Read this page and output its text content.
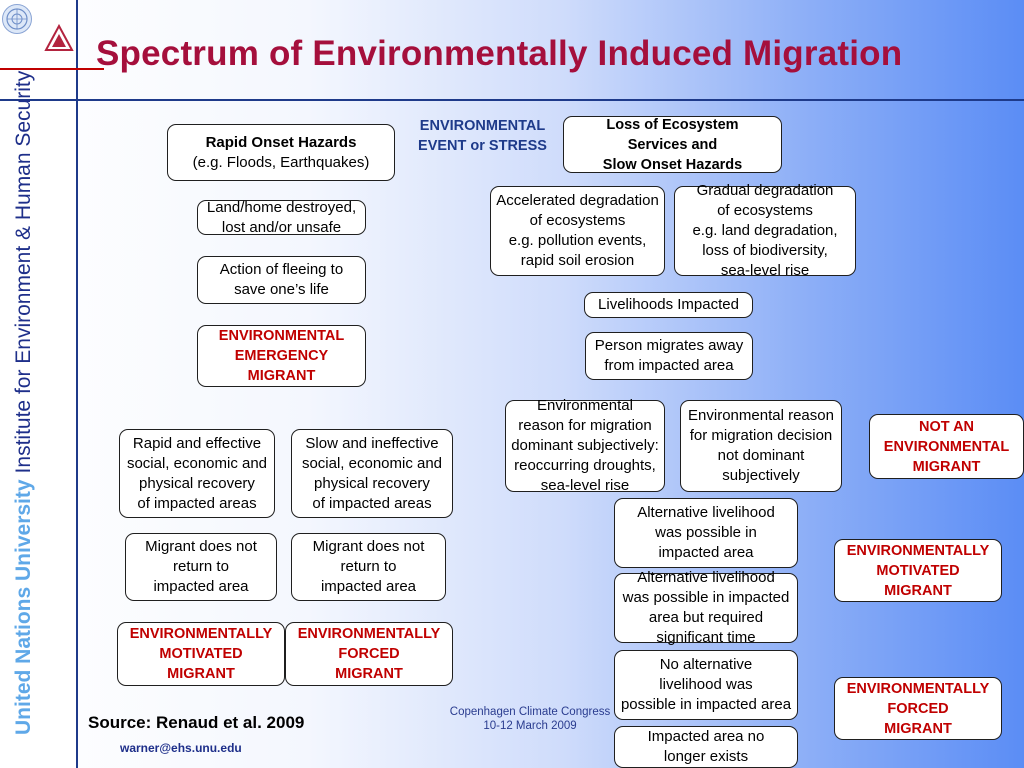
Spectrum of Environmentally Induced Migration
United Nations UniversityInstitute for Environment & Human Security	ENVIRONMENTAL
EVENT or STRESS
Rapid Onset Hazards
(e.g. Floods, Earthquakes)
Land/home destroyed,
lost and/or unsafe
Action of fleeing to
save one’s life
ENVIRONMENTAL
EMERGENCY
MIGRANT
Rapid and effective
social, economic and
physical recovery
of impacted areas
Slow and ineffective
social, economic and
physical recovery
of impacted areas
Migrant does not
return to
impacted area
Migrant does not
return to
impacted area
ENVIRONMENTALLY
MOTIVATED
MIGRANT
ENVIRONMENTALLY
FORCED
MIGRANT
Loss of Ecosystem
Services and
Slow Onset Hazards
Accelerated degradation
of ecosystems
e.g. pollution events,
rapid soil erosion
Gradual degradation
of ecosystems
e.g. land degradation,
loss of biodiversity,
sea-level rise
Livelihoods Impacted
Person migrates away
from impacted area
Environmental
reason for migration
dominant subjectively:
reoccurring droughts,
sea-level rise
Environmental reason
for migration decision
not dominant
subjectively
NOT AN
ENVIRONMENTAL
MIGRANT
Alternative livelihood
was possible in
impacted area
Alternative livelihood
was possible in impacted
area but required
significant time
No alternative
livelihood was
possible in impacted area
Impacted area no
longer exists
ENVIRONMENTALLY
MOTIVATED
MIGRANT
ENVIRONMENTALLY
FORCED
MIGRANT
Source: Renaud et al. 2009
warner@ehs.unu.edu
Copenhagen Climate Congress
10-12 March 2009
